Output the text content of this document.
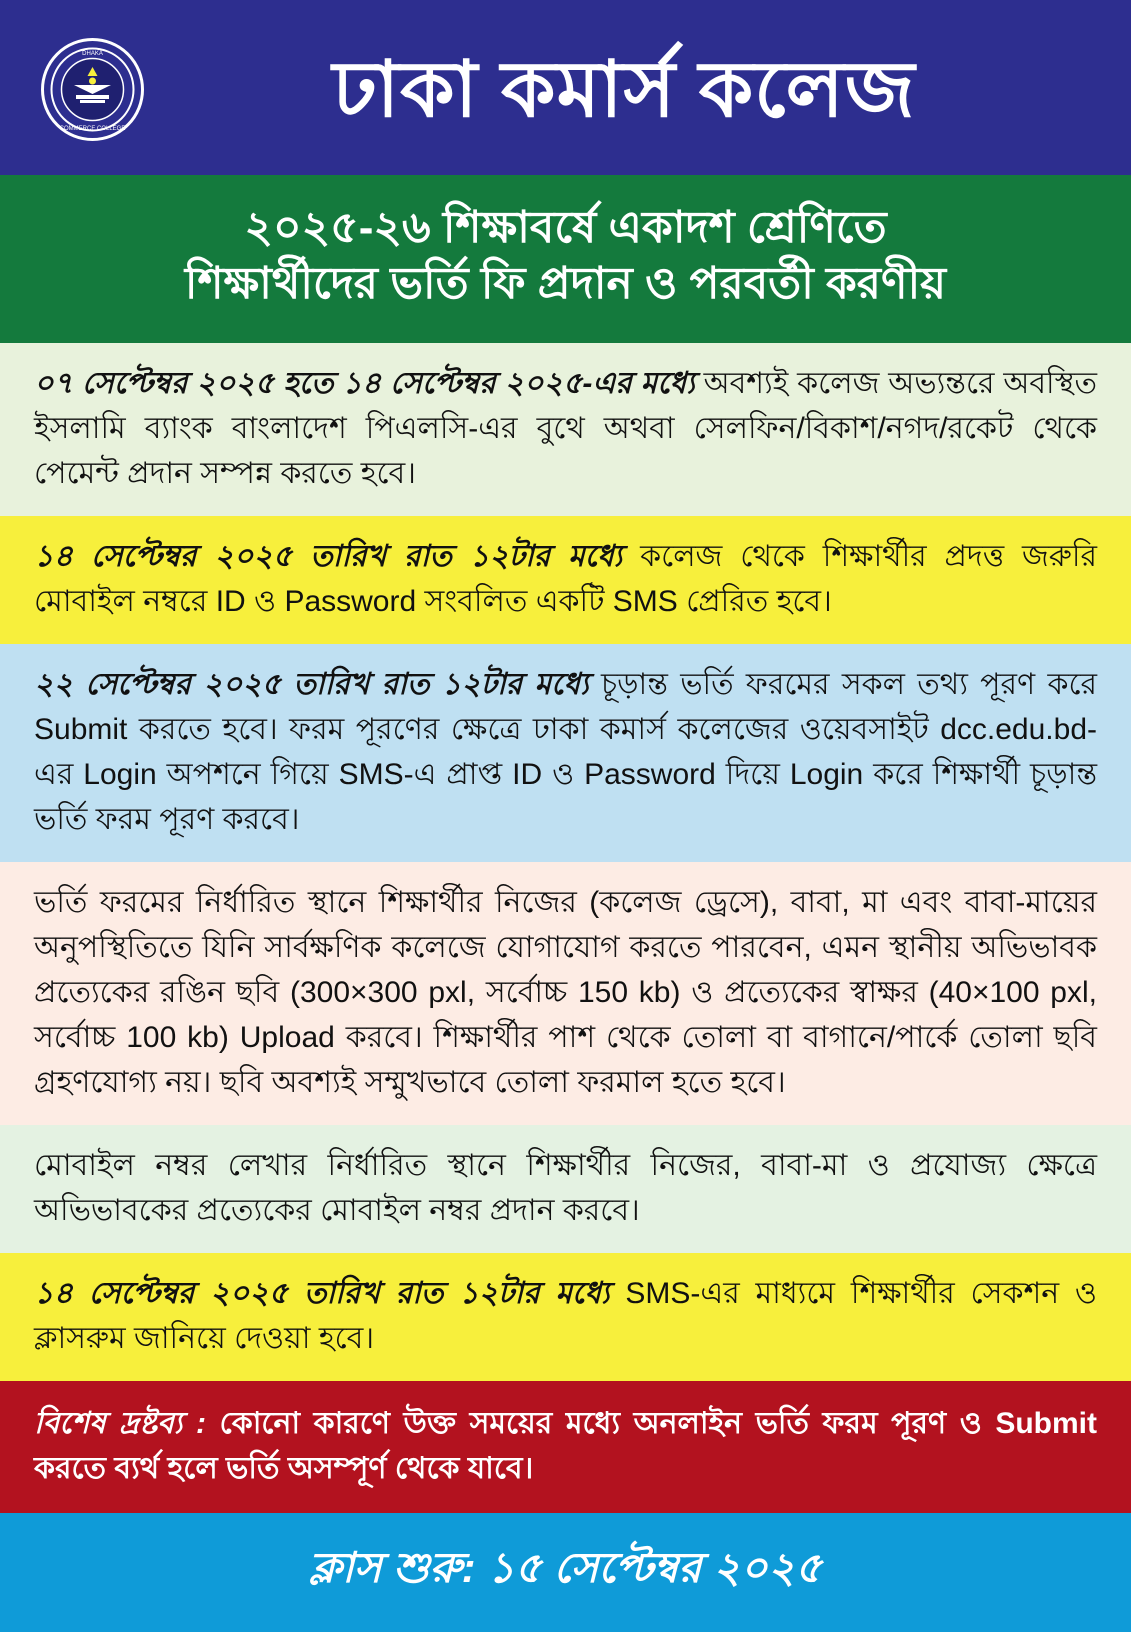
DHAKA
COMMERCE COLLEGE	ঢাকা কমার্স কলেজ
২০২৫-২৬ শিক্ষাবর্ষে একাদশ শ্রেণিতে
শিক্ষার্থীদের ভর্তি ফি প্রদান ও পরবর্তী করণীয়

০৭ সেপ্টেম্বর ২০২৫ হতে ১৪ সেপ্টেম্বর ২০২৫-এর মধ্যে অবশ্যই কলেজ অভ্যন্তরে অবস্থিত ইসলামি ব্যাংক বাংলাদেশ পিএলসি-এর বুথে অথবা সেলফিন/বিকাশ/নগদ/রকেট থেকে পেমেন্ট প্রদান সম্পন্ন করতে হবে।

১৪ সেপ্টেম্বর ২০২৫ তারিখ রাত ১২টার মধ্যে কলেজ থেকে শিক্ষার্থীর প্রদত্ত জরুরি মোবাইল নম্বরে ID ও Password সংবলিত একটি SMS প্রেরিত হবে।

২২ সেপ্টেম্বর ২০২৫ তারিখ রাত ১২টার মধ্যে চূড়ান্ত ভর্তি ফরমের সকল তথ্য পূরণ করে Submit করতে হবে। ফরম পূরণের ক্ষেত্রে ঢাকা কমার্স কলেজের ওয়েবসাইট dcc.edu.bd-এর Login অপশনে গিয়ে SMS-এ প্রাপ্ত ID ও Password দিয়ে Login করে শিক্ষার্থী চূড়ান্ত ভর্তি ফরম পূরণ করবে।

ভর্তি ফরমের নির্ধারিত স্থানে শিক্ষার্থীর নিজের (কলেজ ড্রেসে), বাবা, মা এবং বাবা-মায়ের অনুপস্থিতিতে যিনি সার্বক্ষণিক কলেজে যোগাযোগ করতে পারবেন, এমন স্থানীয় অভিভাবক প্রত্যেকের রঙিন ছবি (300×300 pxl, সর্বোচ্চ 150 kb) ও প্রত্যেকের স্বাক্ষর (40×100 pxl, সর্বোচ্চ 100 kb) Upload করবে। শিক্ষার্থীর পাশ থেকে তোলা বা বাগানে/পার্কে তোলা ছবি গ্রহণযোগ্য নয়। ছবি অবশ্যই সম্মুখভাবে তোলা ফরমাল হতে হবে।

মোবাইল নম্বর লেখার নির্ধারিত স্থানে শিক্ষার্থীর নিজের, বাবা-মা ও প্রযোজ্য ক্ষেত্রে অভিভাবকের প্রত্যেকের মোবাইল নম্বর প্রদান করবে।

১৪ সেপ্টেম্বর ২০২৫ তারিখ রাত ১২টার মধ্যে SMS-এর মাধ্যমে শিক্ষার্থীর সেকশন ও ক্লাসরুম জানিয়ে দেওয়া হবে।

বিশেষ দ্রষ্টব্য : কোনো কারণে উক্ত সময়ের মধ্যে অনলাইন ভর্তি ফরম পূরণ ও Submit করতে ব্যর্থ হলে ভর্তি অসম্পূর্ণ থেকে যাবে।

ক্লাস শুরু: ১৫ সেপ্টেম্বর ২০২৫
